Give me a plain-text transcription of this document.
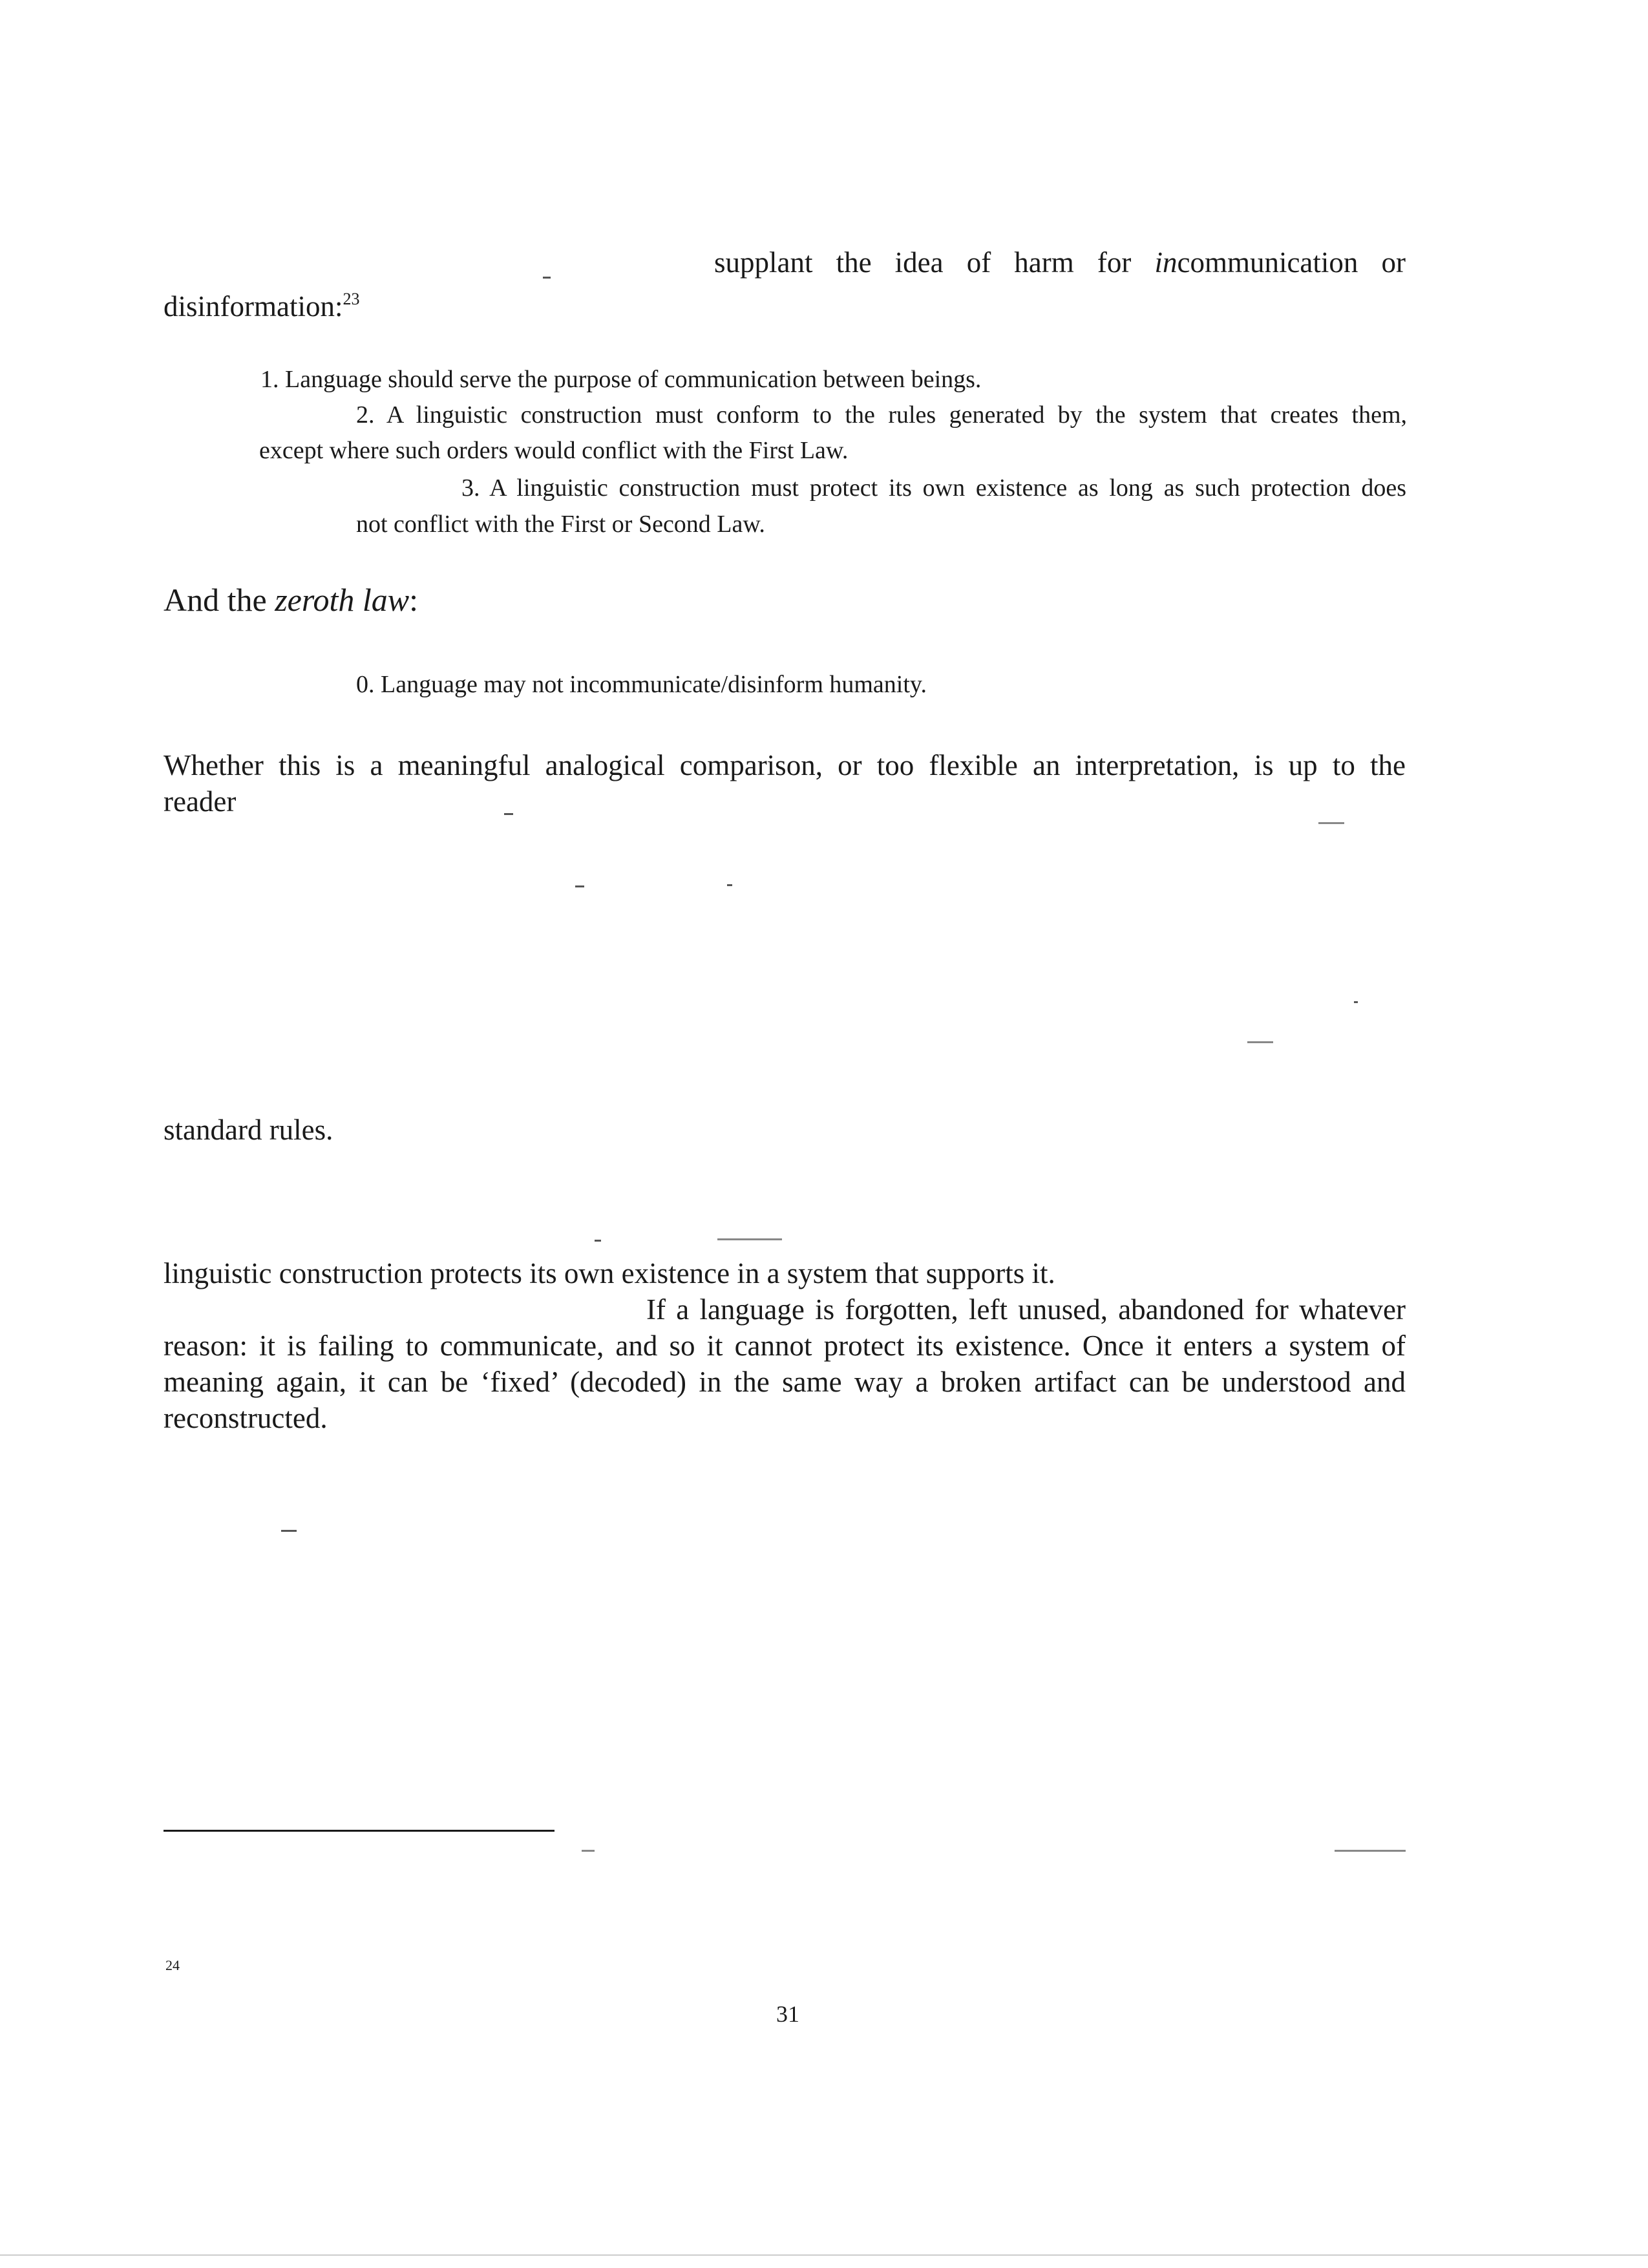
supplant the idea of harm for incommunication or
disinformation:$^{23}$
1. Language should serve the purpose of communication between beings.
2. A linguistic construction must conform to the rules generated by the system that creates them,
except where such orders would conflict with the First Law.
3. A linguistic construction must protect its own existence as long as such protection does
not conflict with the First or Second Law.
And the zeroth law:
0. Language may not incommunicate/disinform humanity.
Whether this is a meaningful analogical comparison, or too flexible an interpretation, is up to the
reader
standard rules.
linguistic construction protects its own existence in a system that supports it.
If a language is forgotten, left unused, abandoned for whatever
reason: it is failing to communicate, and so it cannot protect its existence. Once it enters a system of
meaning again, it can be ‘fixed’ (decoded) in the same way a broken artifact can be understood and
reconstructed.
24
31
